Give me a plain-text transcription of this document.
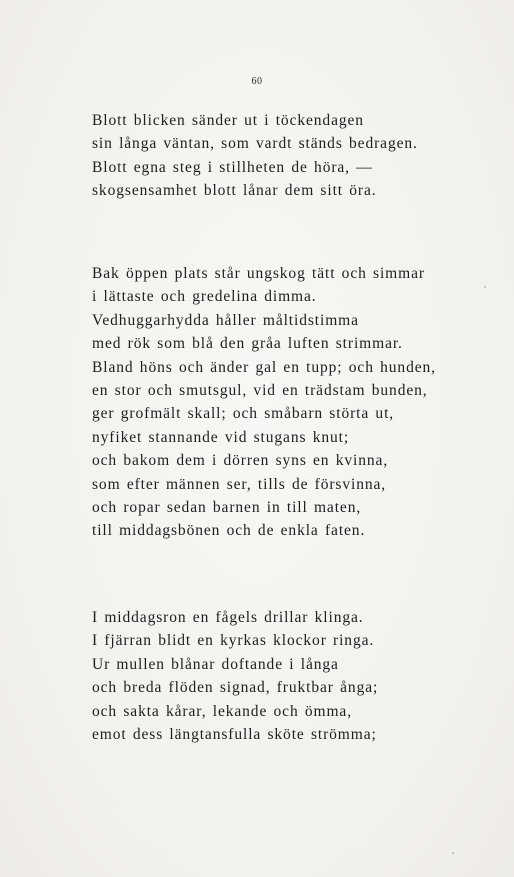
60
Blott blicken sänder ut i töckendagen
sin långa väntan, som vardt ständs bedragen.
Blott egna steg i stillheten de höra, —
skogsensamhet blott lånar dem sitt öra.
Bak öppen plats står ungskog tätt och simmar
i lättaste och gredelina dimma.
Vedhuggarhydda håller måltidstimma
med rök som blå den gråa luften strimmar.
Bland höns och änder gal en tupp; och hunden,
en stor och smutsgul, vid en trädstam bunden,
ger grofmält skall; och småbarn störta ut,
nyfiket stannande vid stugans knut;
och bakom dem i dörren syns en kvinna,
som efter männen ser, tills de försvinna,
och ropar sedan barnen in till maten,
till middagsbönen och de enkla faten.
I middagsron en fågels drillar klinga.
I fjärran blidt en kyrkas klockor ringa.
Ur mullen blånar doftande i långa
och breda flöden signad, fruktbar ånga;
och sakta kårar, lekande och ömma,
emot dess längtansfulla sköte strömma;
